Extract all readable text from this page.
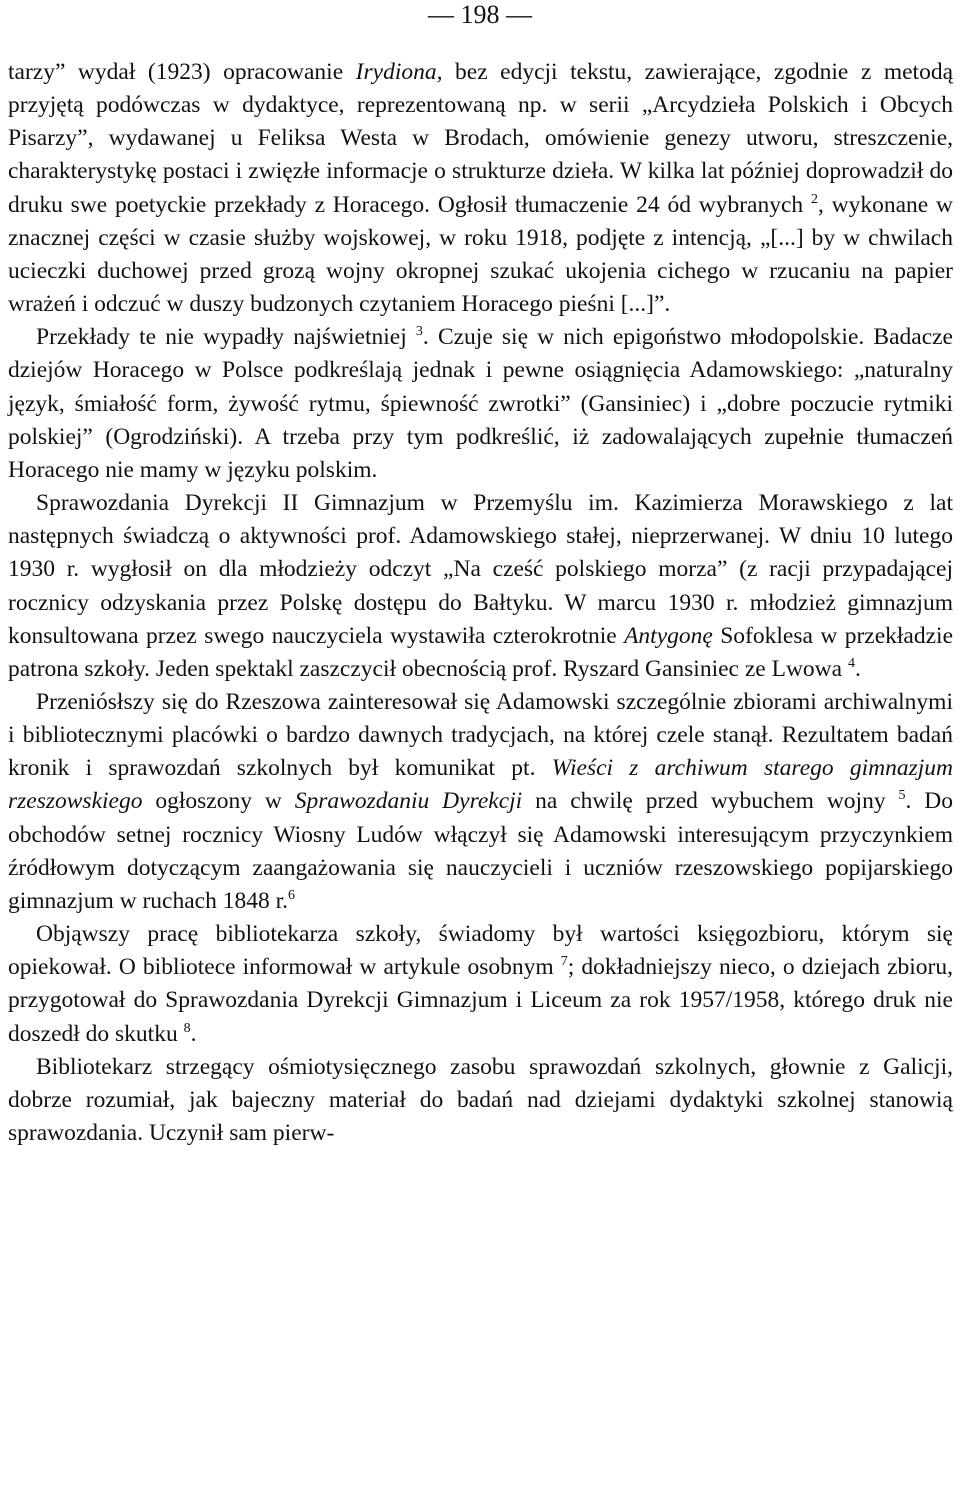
— 198 —

tarzy” wydał (1923) opracowanie Irydiona, bez edycji tekstu, zawierające, zgodnie z metodą przyjętą podówczas w dydaktyce, reprezentowaną np. w serii „Arcydzieła Polskich i Obcych Pisarzy”, wydawanej u Feliksa Westa w Brodach, omówienie genezy utworu, streszczenie, charakterystykę postaci i zwięzłe informacje o strukturze dzieła. W kilka lat później doprowadził do druku swe poetyckie przekłady z Horacego. Ogłosił tłumaczenie 24 ód wybranych $^2$, wykonane w znacznej części w czasie służby wojskowej, w roku 1918, podjęte z intencją, „[...] by w chwilach ucieczki duchowej przed grozą wojny okropnej szukać ukojenia cichego w rzucaniu na papier wrażeń i odczuć w duszy budzonych czytaniem Horacego pieśni [...]”.

Przekłady te nie wypadły najświetniej $^3$. Czuje się w nich epigoństwo młodopolskie. Badacze dziejów Horacego w Polsce podkreślają jednak i pewne osiągnięcia Adamowskiego: „naturalny język, śmiałość form, żywość rytmu, śpiewność zwrotki” (Gansiniec) i „dobre poczucie rytmiki polskiej” (Ogrodziński). A trzeba przy tym podkreślić, iż zadowalających zupełnie tłumaczeń Horacego nie mamy w języku polskim.

Sprawozdania Dyrekcji II Gimnazjum w Przemyślu im. Kazimierza Morawskiego z lat następnych świadczą o aktywności prof. Adamowskiego stałej, nieprzerwanej. W dniu 10 lutego 1930 r. wygłosił on dla młodzieży odczyt „Na cześć polskiego morza” (z racji przypadającej rocznicy odzyskania przez Polskę dostępu do Bałtyku. W marcu 1930 r. młodzież gimnazjum konsultowana przez swego nauczyciela wystawiła czterokrotnie Antygonę Sofoklesa w przekładzie patrona szkoły. Jeden spektakl zaszczycił obecnością prof. Ryszard Gansiniec ze Lwowa $^4$.

Przeniósłszy się do Rzeszowa zainteresował się Adamowski szczególnie zbiorami archiwalnymi i bibliotecznymi placówki o bardzo dawnych tradycjach, na której czele stanął. Rezultatem badań kronik i sprawozdań szkolnych był komunikat pt. Wieści z archiwum starego gimnazjum rzeszowskiego ogłoszony w Sprawozdaniu Dyrekcji na chwilę przed wybuchem wojny $^5$. Do obchodów setnej rocznicy Wiosny Ludów włączył się Adamowski interesującym przyczynkiem źródłowym dotyczącym zaangażowania się nauczycieli i uczniów rzeszowskiego popijarskiego gimnazjum w ruchach 1848 r.$^6$

Objąwszy pracę bibliotekarza szkoły, świadomy był wartości księgozbioru, którym się opiekował. O bibliotece informował w artykule osobnym $^7$; dokładniejszy nieco, o dziejach zbioru, przygotował do Sprawozdania Dyrekcji Gimnazjum i Liceum za rok 1957/1958, którego druk nie doszedł do skutku $^8$.

Bibliotekarz strzegący ośmiotysięcznego zasobu sprawozdań szkolnych, głownie z Galicji, dobrze rozumiał, jak bajeczny materiał do badań nad dziejami dydaktyki szkolnej stanowią sprawozdania. Uczynił sam pierw-
